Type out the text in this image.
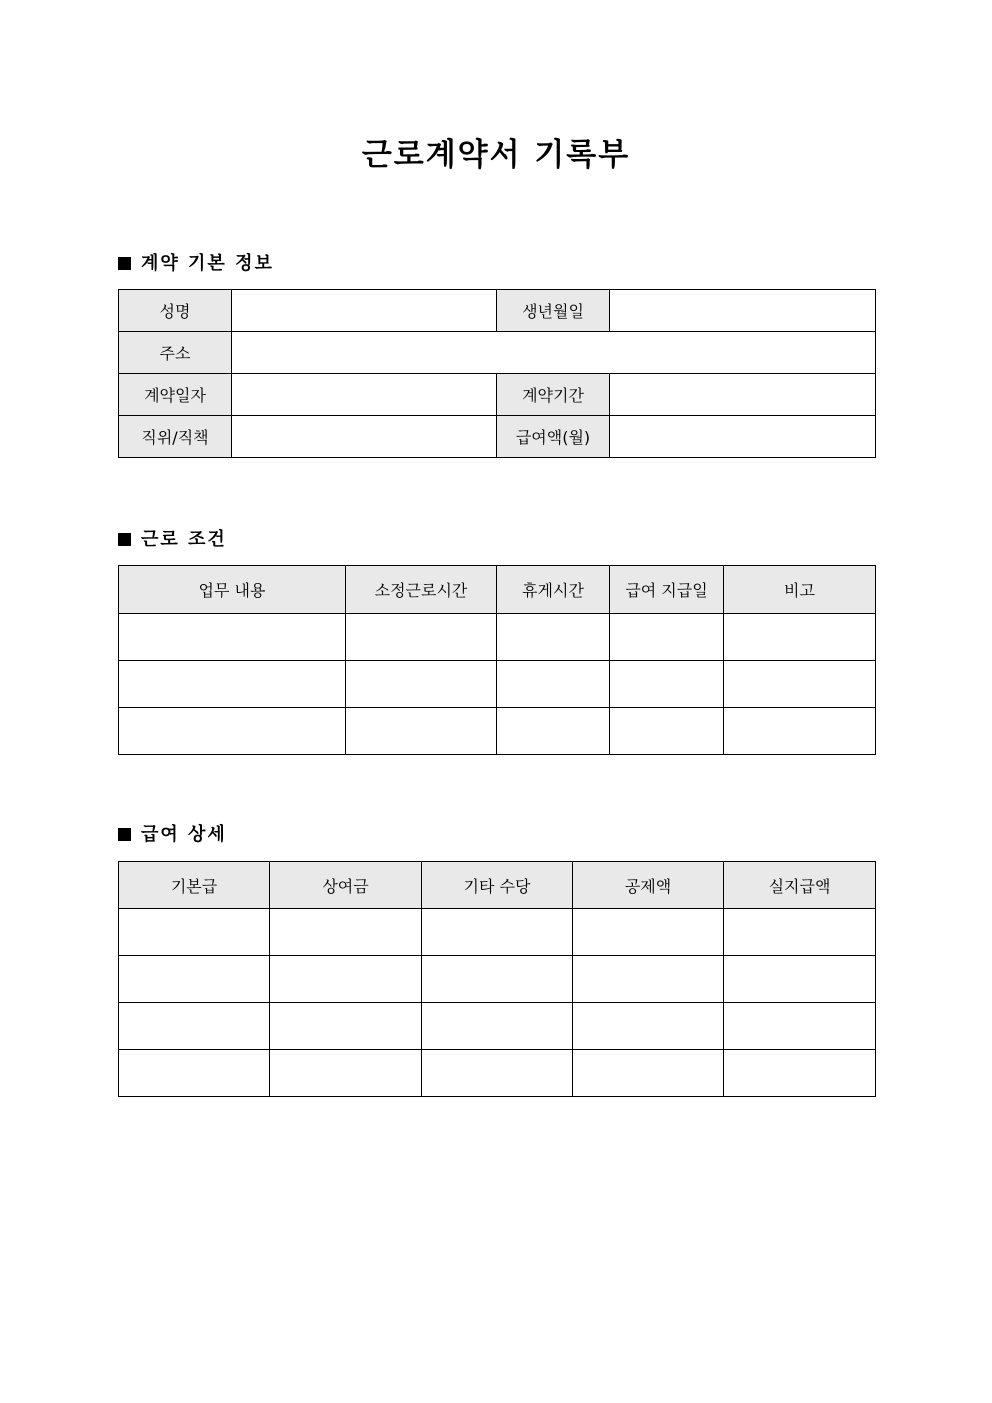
근로계약서 기록부
계약 기본 정보
성명		생년월일	
주소			
계약일자		계약기간	
직위/직책		급여액(월)	
근로 조건
업무 내용	소정근로시간	휴게시간	급여 지급일	비고

급여 상세
기본급	상여금	기타 수당	공제액	실지급액
